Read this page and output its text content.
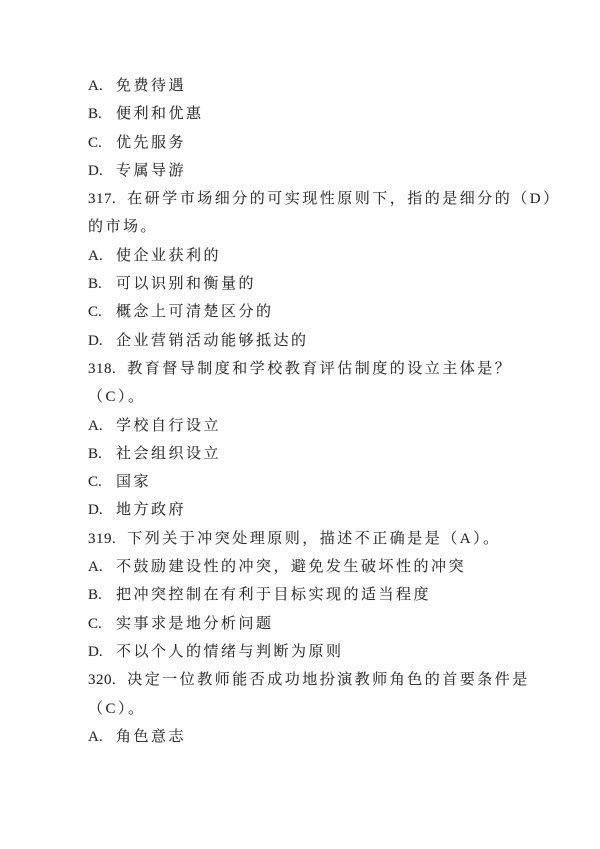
A. 免费待遇
B. 便利和优惠
C. 优先服务
D. 专属导游
317. 在研学市场细分的可实现性原则下，指的是细分的（D）
的市场。
A. 使企业获利的
B. 可以识别和衡量的
C. 概念上可清楚区分的
D. 企业营销活动能够抵达的
318. 教育督导制度和学校教育评估制度的设立主体是？
（C）。
A. 学校自行设立
B. 社会组织设立
C. 国家
D. 地方政府
319. 下列关于冲突处理原则，描述不正确是是（A）。
A. 不鼓励建设性的冲突，避免发生破坏性的冲突
B. 把冲突控制在有利于目标实现的适当程度
C. 实事求是地分析问题
D. 不以个人的情绪与判断为原则
320. 决定一位教师能否成功地扮演教师角色的首要条件是
（C）。
A. 角色意志
